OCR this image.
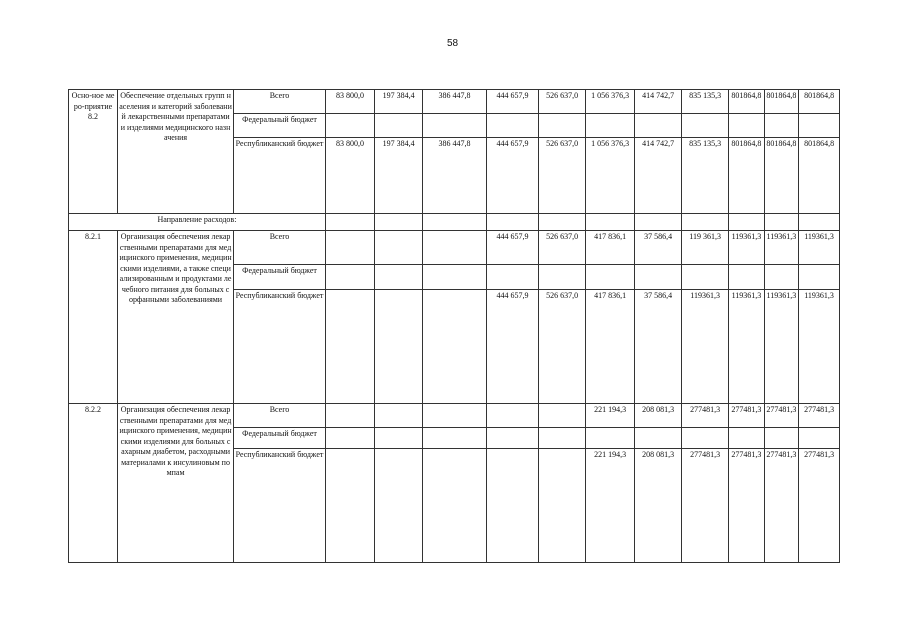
58
Осно-ное меро-приятие 8.2	Обеспечение отдельных групп населения и категорий заболеваний лекарственными препаратами и изделиями медицинского назначения	Всего	83 800,0	197 384,4	386 447,8	444 657,9	526 637,0	1 056 376,3	414 742,7	835 135,3	801864,8	801864,8	801864,8
		Федеральный бюджет											
		Республиканский бюджет	83 800,0	197 384,4	386 447,8	444 657,9	526 637,0	1 056 376,3	414 742,7	835 135,3	801864,8	801864,8	801864,8
Направление расходов:													
8.2.1	Организация обеспечения лекарственными препаратами для медицинского применения, медицинскими изделиями, а также специализированным и продуктами лечебного питания для больных с орфанными заболеваниями	Всего				444 657,9	526 637,0	417 836,1	37 586,4	119 361,3	119361,3	119361,3	119361,3
		Федеральный бюджет											
		Республиканский бюджет				444 657,9	526 637,0	417 836,1	37 586,4	119361,3	119361,3	119361,3	119361,3
8.2.2	Организация обеспечения лекарственными препаратами для медицинского применения, медицинскими изделиями для больных сахарным диабетом, расходными материалами к инсулиновым помпам	Всего						221 194,3	208 081,3	277481,3	277481,3	277481,3	277481,3
		Федеральный бюджет											
		Республиканский бюджет						221 194,3	208 081,3	277481,3	277481,3	277481,3	277481,3
